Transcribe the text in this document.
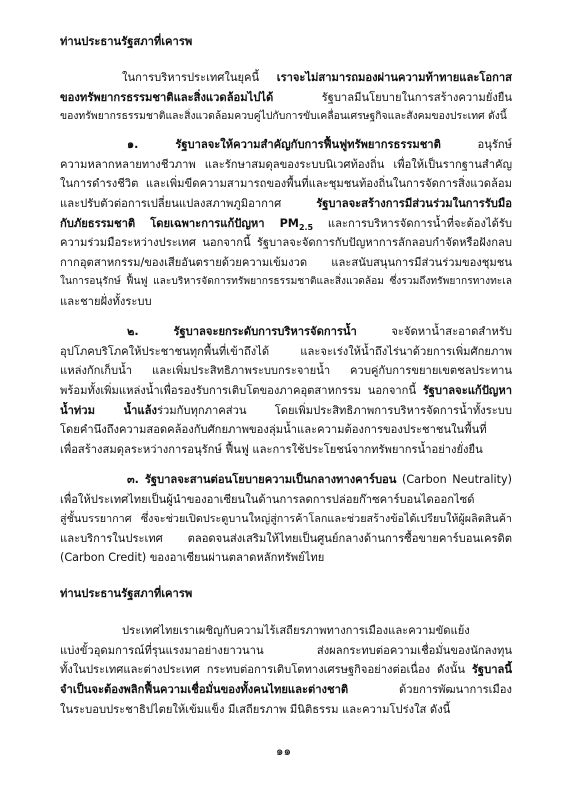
ท่านประธานรัฐสภาที่เคารพ
ในการบริหารประเทศในยุคนี้ เราจะไม่สามารถมองผ่านความท้าทายและโอกาส
ของทรัพยากรธรรมชาติและสิ่งแวดล้อมไปได้ รัฐบาลมีนโยบายในการสร้างความยั่งยืน
ของทรัพยากรธรรมชาติและสิ่งแวดล้อมควบคู่ไปกับการขับเคลื่อนเศรษฐกิจและสังคมของประเทศ ดังนี้
๑. รัฐบาลจะให้ความสำคัญกับการฟื้นฟูทรัพยากรธรรมชาติ อนุรักษ์
ความหลากหลายทางชีวภาพ และรักษาสมดุลของระบบนิเวศท้องถิ่น เพื่อให้เป็นรากฐานสำคัญ
ในการดำรงชีวิต และเพิ่มขีดความสามารถของพื้นที่และชุมชนท้องถิ่นในการจัดการสิ่งแวดล้อม
และปรับตัวต่อการเปลี่ยนแปลงสภาพภูมิอากาศ รัฐบาลจะสร้างการมีส่วนร่วมในการรับมือ
กับภัยธรรมชาติ โดยเฉพาะการแก้ปัญหา $PM_{2.5}$ และการบริหารจัดการน้ำที่จะต้องได้รับ
ความร่วมมือระหว่างประเทศ นอกจากนี้ รัฐบาลจะจัดการกับปัญหาการลักลอบกำจัดหรือฝังกลบ
กากอุตสาหกรรม/ของเสียอันตรายด้วยความเข้มงวด และสนับสนุนการมีส่วนร่วมของชุมชน
ในการอนุรักษ์ ฟื้นฟู และบริหารจัดการทรัพยากรธรรมชาติและสิ่งแวดล้อม ซึ่งรวมถึงทรัพยากรทางทะเล
และชายฝั่งทั้งระบบ
๒. รัฐบาลจะยกระดับการบริหารจัดการน้ำ จะจัดหาน้ำสะอาดสำหรับ
อุปโภคบริโภคให้ประชาชนทุกพื้นที่เข้าถึงได้ และจะเร่งให้น้ำถึงไร่นาด้วยการเพิ่มศักยภาพ
แหล่งกักเก็บน้ำ และเพิ่มประสิทธิภาพระบบกระจายน้ำ ควบคู่กับการขยายเขตชลประทาน
พร้อมทั้งเพิ่มแหล่งน้ำเพื่อรองรับการเติบโตของภาคอุตสาหกรรม นอกจากนี้ รัฐบาลจะแก้ปัญหา
น้ำท่วม น้ำแล้งร่วมกับทุกภาคส่วน โดยเพิ่มประสิทธิภาพการบริหารจัดการน้ำทั้งระบบ
โดยคำนึงถึงความสอดคล้องกับศักยภาพของลุ่มน้ำและความต้องการของประชาชนในพื้นที่
เพื่อสร้างสมดุลระหว่างการอนุรักษ์ ฟื้นฟู และการใช้ประโยชน์จากทรัพยากรน้ำอย่างยั่งยืน
๓. รัฐบาลจะสานต่อนโยบายความเป็นกลางทางคาร์บอน (Carbon Neutrality)
เพื่อให้ประเทศไทยเป็นผู้นำของอาเซียนในด้านการลดการปล่อยก๊าซคาร์บอนไดออกไซด์
สู่ชั้นบรรยากาศ ซึ่งจะช่วยเปิดประตูบานใหญ่สู่การค้าโลกและช่วยสร้างข้อได้เปรียบให้ผู้ผลิตสินค้า
และบริการในประเทศ ตลอดจนส่งเสริมให้ไทยเป็นศูนย์กลางด้านการซื้อขายคาร์บอนเครดิต
(Carbon Credit) ของอาเซียนผ่านตลาดหลักทรัพย์ไทย
ท่านประธานรัฐสภาที่เคารพ
ประเทศไทยเราเผชิญกับความไร้เสถียรภาพทางการเมืองและความขัดแย้ง
แบ่งขั้วอุดมการณ์ที่รุนแรงมาอย่างยาวนาน ส่งผลกระทบต่อความเชื่อมั่นของนักลงทุน
ทั้งในประเทศและต่างประเทศ กระทบต่อการเติบโตทางเศรษฐกิจอย่างต่อเนื่อง ดังนั้น รัฐบาลนี้
จำเป็นจะต้องพลิกฟื้นความเชื่อมั่นของทั้งคนไทยและต่างชาติ ด้วยการพัฒนาการเมือง
ในระบอบประชาธิปไตยให้เข้มแข็ง มีเสถียรภาพ มีนิติธรรม และความโปร่งใส ดังนี้
๑๑
